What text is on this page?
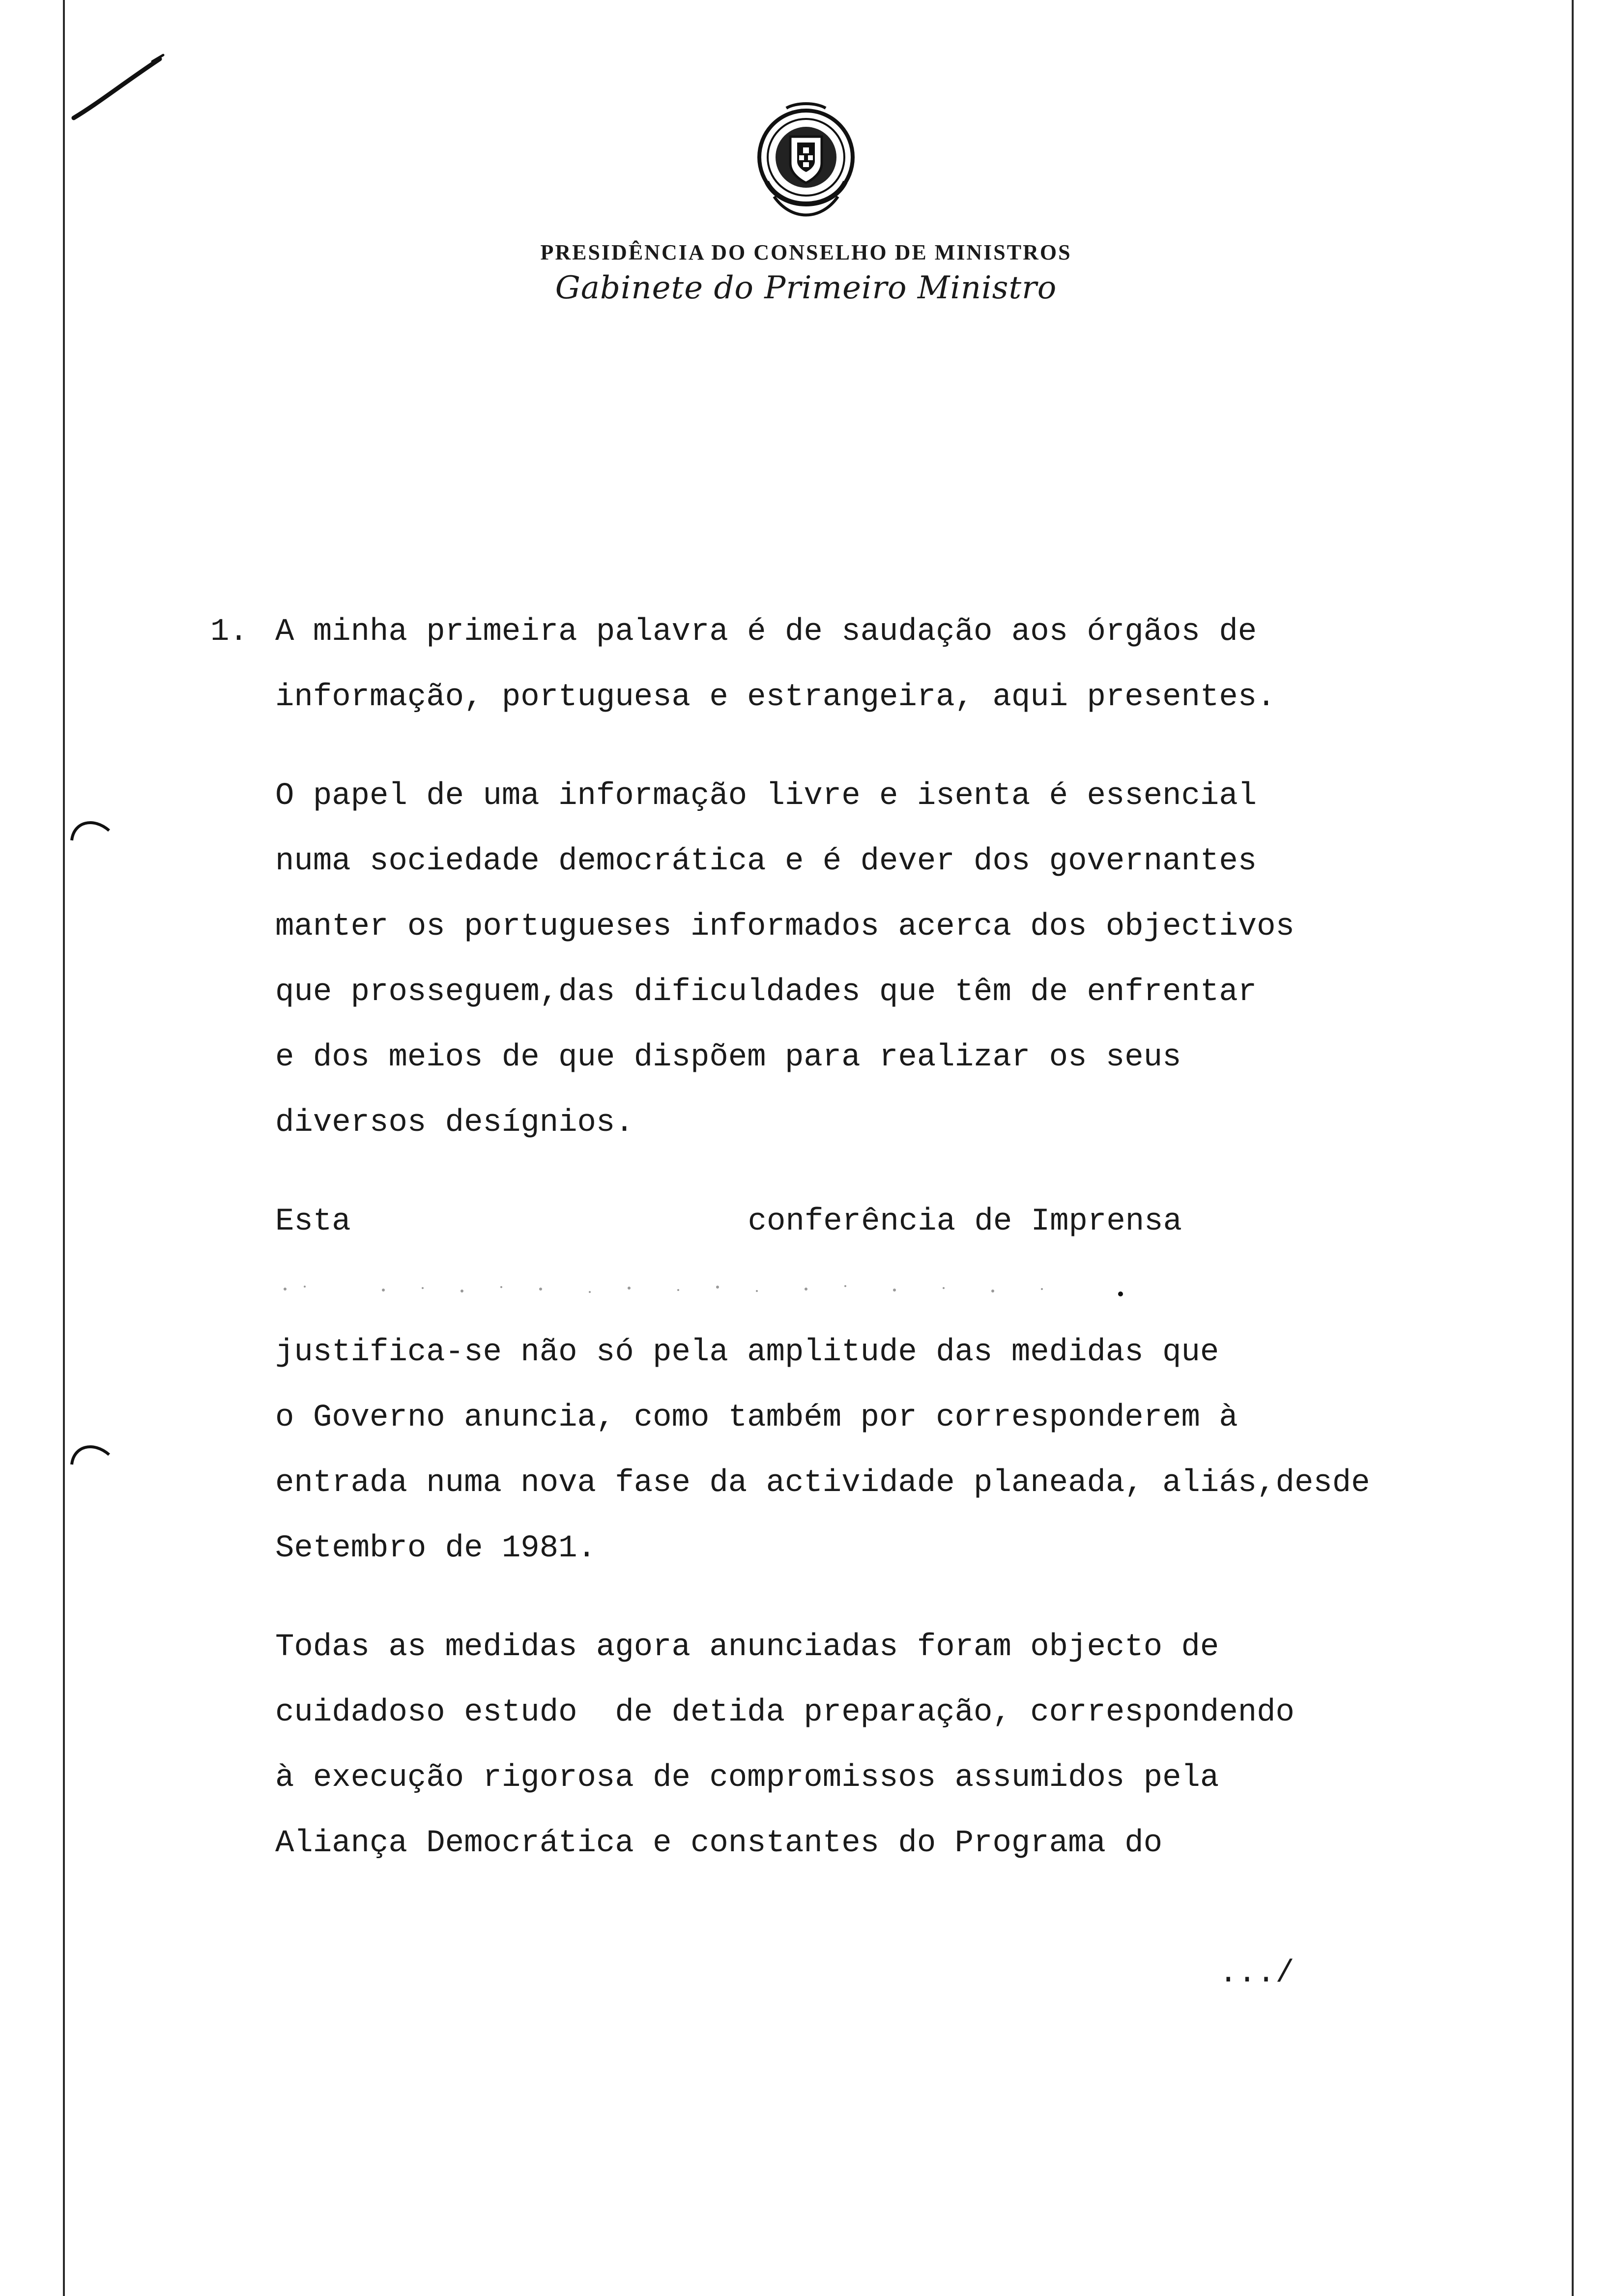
PRESIDÊNCIA DO CONSELHO DE MINISTROS
Gabinete do Primeiro Ministro
1. A minha primeira palavra é de saudação aos órgãos de
informação, portuguesa e estrangeira, aqui presentes.
O papel de uma informação livre e isenta é essencial
numa sociedade democrática e é dever dos governantes
manter os portugueses informados acerca dos objectivos
que prosseguem,das dificuldades que têm de enfrentar
e dos meios de que dispõem para realizar os seus
diversos desígnios.
Esta	conferência de Imprensa
justifica-se não só pela amplitude das medidas que
o Governo anuncia, como também por corresponderem à
entrada numa nova fase da actividade planeada, aliás,desde
Setembro de 1981.
Todas as medidas agora anunciadas foram objecto de
cuidadoso estudo  de detida preparação, correspondendo
à execução rigorosa de compromissos assumidos pela
Aliança Democrática e constantes do Programa do
.../
